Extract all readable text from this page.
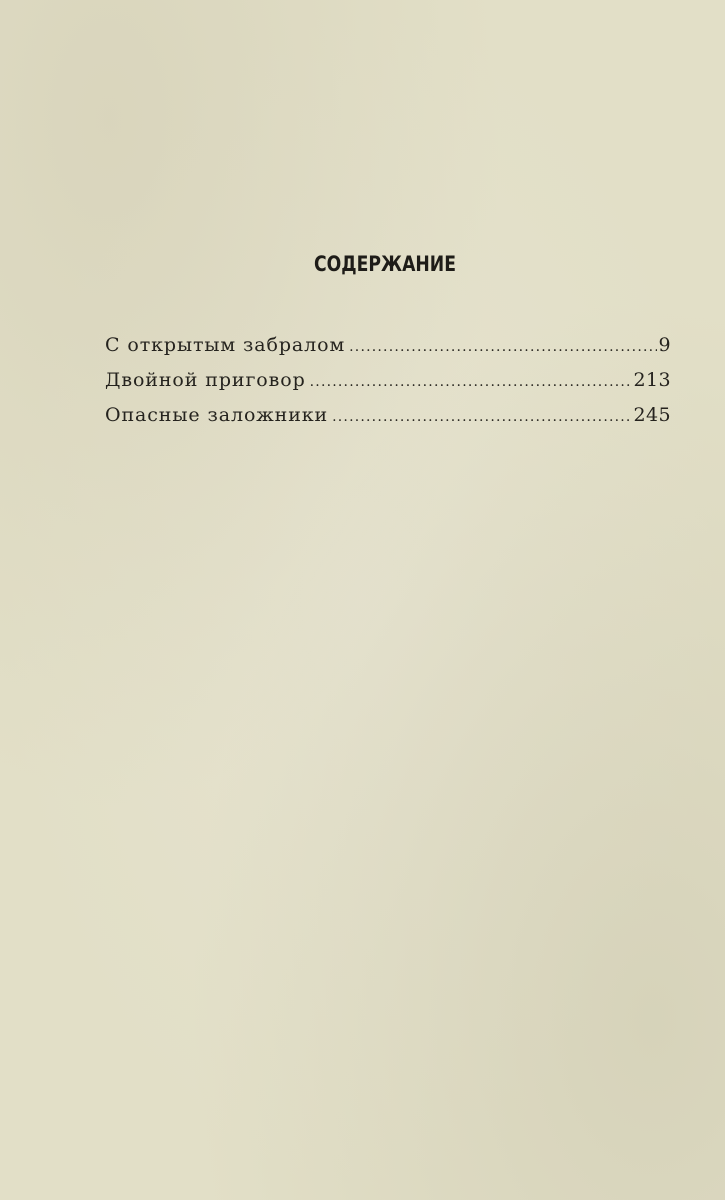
СОДЕРЖАНИЕ
С открытым забралом .....	9
Двойной приговор .....	213
Опасные заложники .....	245
